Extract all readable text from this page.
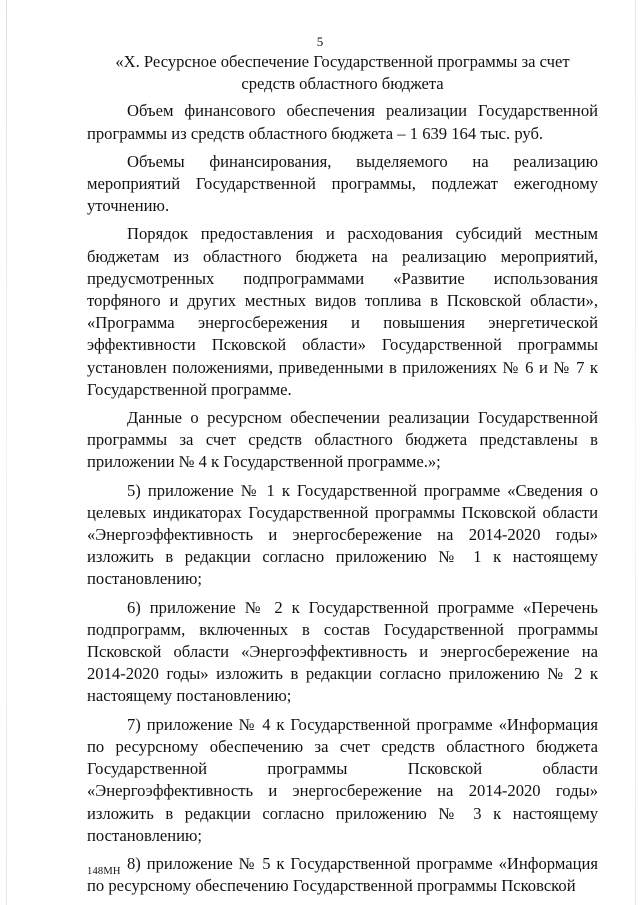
5

«X. Ресурсное обеспечение Государственной программы за счет средств областного бюджета

Объем финансового обеспечения реализации Государственной программы из средств областного бюджета – 1 639 164 тыс. руб.

Объемы финансирования, выделяемого на реализацию мероприятий Государственной программы, подлежат ежегодному уточнению.

Порядок предоставления и расходования субсидий местным бюджетам из областного бюджета на реализацию мероприятий, предусмотренных подпрограммами «Развитие использования торфяного и других местных видов топлива в Псковской области», «Программа энергосбережения и повышения энергетической эффективности Псковской области» Государственной программы установлен положениями, приведенными в приложениях № 6 и № 7 к Государственной программе.

Данные о ресурсном обеспечении реализации Государственной программы за счет средств областного бюджета представлены в приложении № 4 к Государственной программе.»;

5) приложение № 1 к Государственной программе «Сведения о целевых индикаторах Государственной программы Псковской области «Энергоэффективность и энергосбережение на 2014-2020 годы» изложить в редакции согласно приложению № 1 к настоящему постановлению;

6) приложение № 2 к Государственной программе «Перечень подпрограмм, включенных в состав Государственной программы Псковской области «Энергоэффективность и энергосбережение на 2014-2020 годы» изложить в редакции согласно приложению № 2 к настоящему постановлению;

7) приложение № 4 к Государственной программе «Информация по ресурсному обеспечению за счет средств областного бюджета Государственной программы Псковской области «Энергоэффективность и энергосбережение на 2014-2020 годы» изложить в редакции согласно приложению № 3 к настоящему постановлению;

8) приложение № 5 к Государственной программе «Информация по ресурсному обеспечению Государственной программы Псковской

148МН
